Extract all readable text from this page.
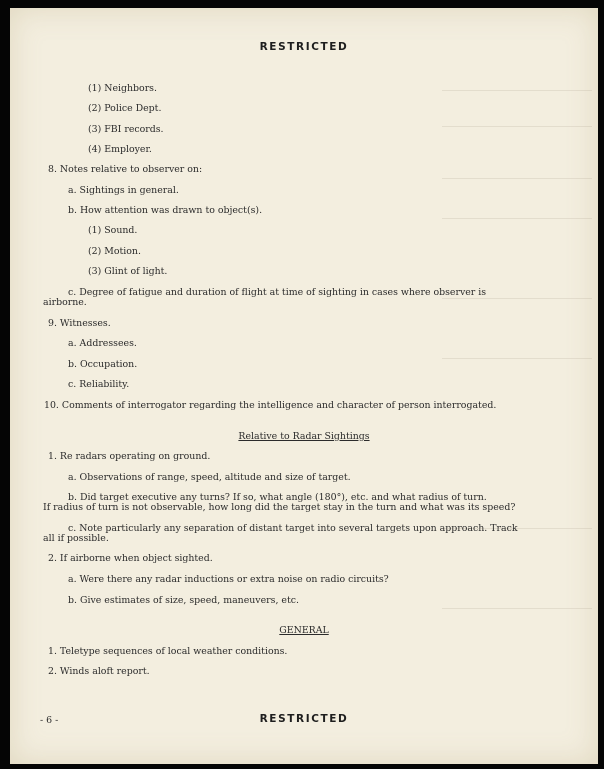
RESTRICTED
(1) Neighbors.
(2) Police Dept.
(3) FBI records.
(4) Employer.
8. Notes relative to observer on:
a. Sightings in general.
b. How attention was drawn to object(s).
(1) Sound.
(2) Motion.
(3) Glint of light.
c. Degree of fatigue and duration of flight at time of sighting in cases where observer is
airborne.
9. Witnesses.
a. Addressees.
b. Occupation.
c. Reliability.
10. Comments of interrogator regarding the intelligence and character of person interrogated.
Relative to Radar Sightings
1. Re radars operating on ground.
a. Observations of range, speed, altitude and size of target.
b. Did target executive any turns? If so, what angle (180°), etc. and what radius of turn.
If radius of turn is not observable, how long did the target stay in the turn and what was its speed?
c. Note particularly any separation of distant target into several targets upon approach. Track
all if possible.
2. If airborne when object sighted.
a. Were there any radar inductions or extra noise on radio circuits?
b. Give estimates of size, speed, maneuvers, etc.
GENERAL
1. Teletype sequences of local weather conditions.
2. Winds aloft report.
- 6 -	RESTRICTED
